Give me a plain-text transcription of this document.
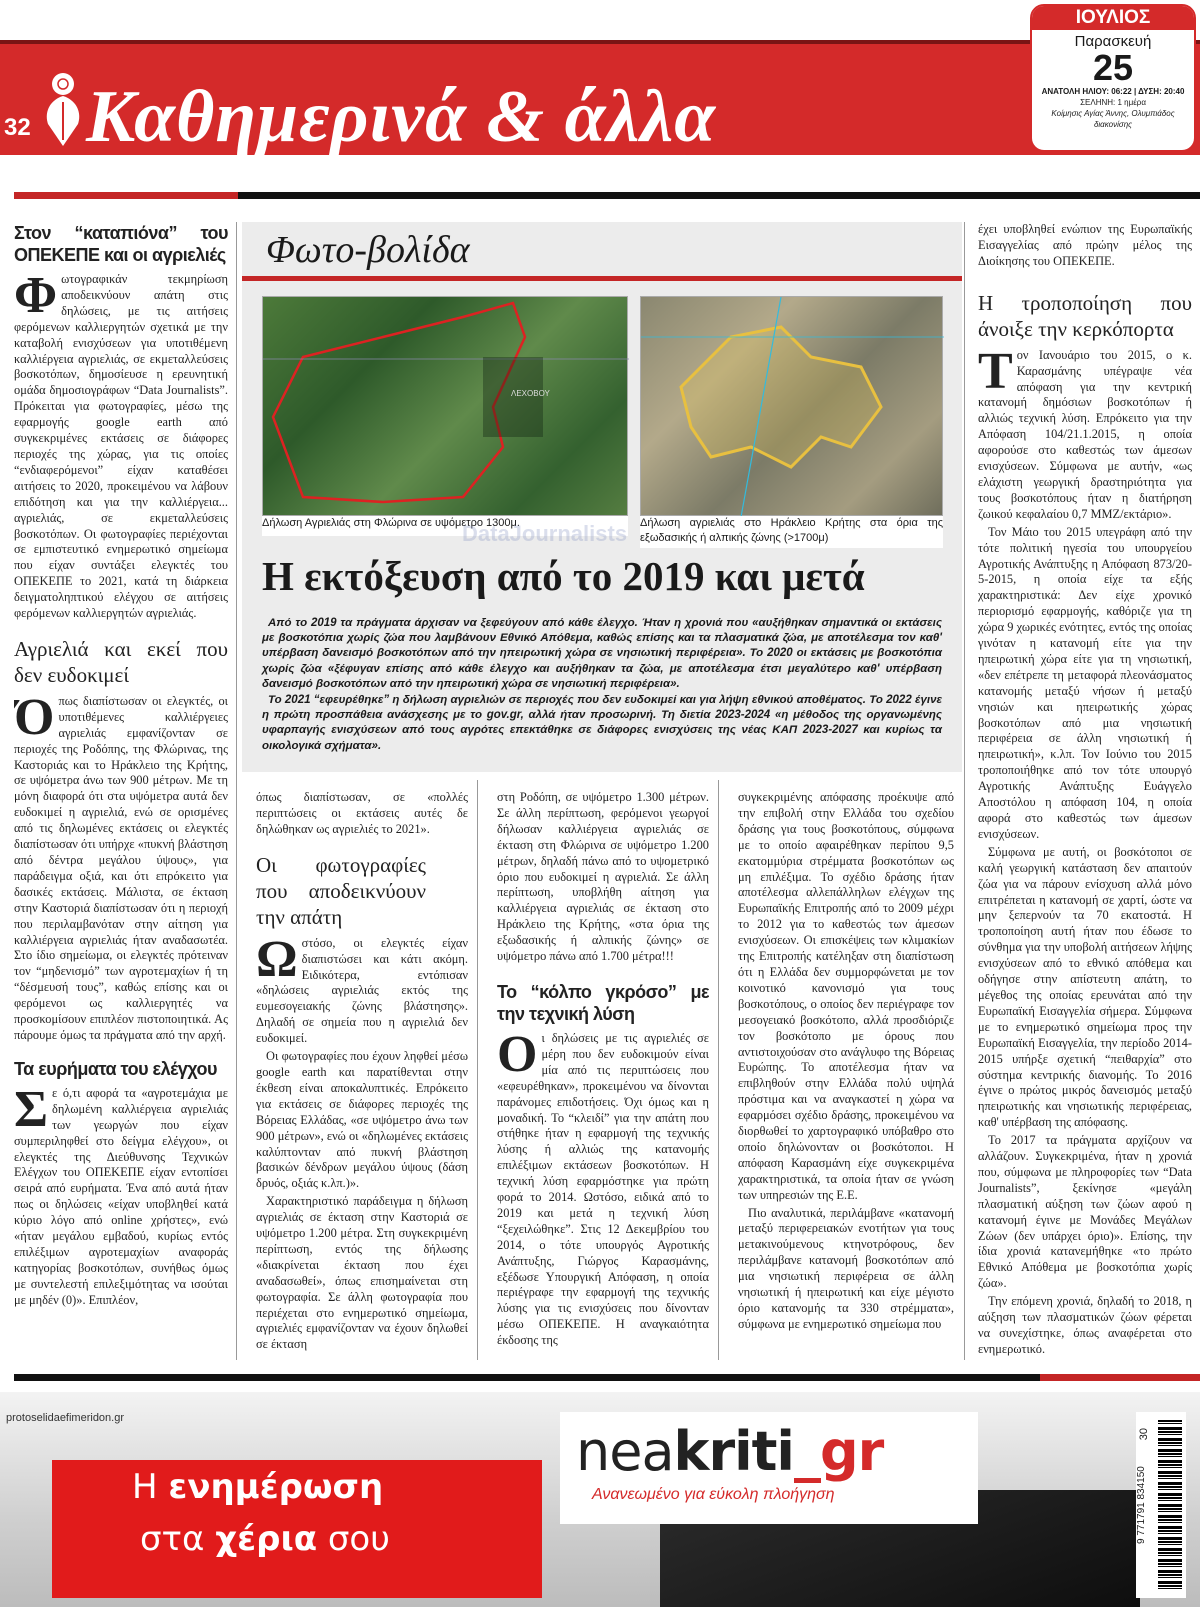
32 Καθημερινά & άλλα
ΙΟΥΛΙΟΣ
Παρασκευή
25
ΑΝΑΤΟΛΗ ΗΛΙΟΥ: 06:22 | ΔΥΣΗ: 20:40
ΣΕΛΗΝΗ: 1 ημέρα
Κοίμησις Αγίας Άννης, Ολυμπιάδος διακονίσης
Στον “καταπιόνα” του ΟΠΕΚΕΠΕ και οι αγριελιές

Φωτογραφικάν τεκμηρίωση αποδεικνύουν απάτη στις δηλώσεις, με τις αιτήσεις φερόμενων καλλιεργητών σχετικά με την καταβολή ενισχύσεων για υποτιθέμενη καλλιέργεια αγριελιάς, σε εκμεταλλεύσεις βοσκοτόπων, δημοσίευσε η ερευνητική ομάδα δημοσιογράφων “Data Journalists”. Πρόκειται για φωτογραφίες, μέσω της εφαρμογής google earth από συγκεκριμένες εκτάσεις σε διάφορες περιοχές της χώρας, για τις οποίες “ενδιαφερόμενοι” είχαν καταθέσει αιτήσεις το 2020, προκειμένου να λάβουν επιδότηση και για την καλλιέργεια... αγριελιάς, σε εκμεταλλεύσεις βοσκοτόπων. Οι φωτογραφίες περιέχονται σε εμπιστευτικό ενημερωτικό σημείωμα που είχαν συντάξει ελεγκτές του ΟΠΕΚΕΠΕ το 2021, κατά τη διάρκεια δειγματοληπτικού ελέγχου σε αιτήσεις φερόμενων καλλιεργητών αγριελιάς.

Αγριελιά και εκεί που δεν ευδοκιμεί

Όπως διαπίστωσαν οι ελεγκτές, οι υποτιθέμενες καλλιέργειες αγριελιάς εμφανίζονταν σε περιοχές της Ροδόπης, της Φλώρινας, της Καστοριάς και το Ηράκλειο της Κρήτης, σε υψόμετρα άνω των 900 μέτρων. Με τη μόνη διαφορά ότι στα υψόμετρα αυτά δεν ευδοκιμεί η αγριελιά, ενώ σε ορισμένες από τις δηλωμένες εκτάσεις οι ελεγκτές διαπίστωσαν ότι υπήρχε «πυκνή βλάστηση από δέντρα μεγάλου ύψους», για παράδειγμα οξιά, και ότι επρόκειτο για δασικές εκτάσεις. Μάλιστα, σε έκταση στην Καστοριά διαπίστωσαν ότι η περιοχή που περιλαμβανόταν στην αίτηση για καλλιέργεια αγριελιάς ήταν αναδασωτέα. Στο ίδιο σημείωμα, οι ελεγκτές πρότειναν τον “μηδενισμό” των αγροτεμαχίων ή τη “δέσμευσή τους”, καθώς επίσης και οι φερόμενοι ως καλλιεργητές να προσκομίσουν επιπλέον πιστοποιητικά. Ας πάρουμε όμως τα πράγματα από την αρχή.

Τα ευρήματα του ελέγχου

Σε ό,τι αφορά τα «αγροτεμάχια με δηλωμένη καλλιέργεια αγριελιάς των γεωργών που είχαν συμπεριληφθεί στο δείγμα ελέγχου», οι ελεγκτές της Διεύθυνσης Τεχνικών Ελέγχων του ΟΠΕΚΕΠΕ είχαν εντοπίσει σειρά από ευρήματα. Ένα από αυτά ήταν πως οι δηλώσεις «είχαν υποβληθεί κατά κύριο λόγο από online χρήστες», ενώ «ήταν μεγάλου εμβαδού, κυρίως εντός επιλέξιμων αγροτεμαχίων αναφοράς κατηγορίας βοσκοτόπων, συνήθως όμως με συντελεστή επιλεξιμότητας να ισούται με μηδέν (0)». Επιπλέον,

Φωτο-βολίδα
ΛΕΧΟΒΟΥ
Δήλωση Αγριελιάς στη Φλώρινα σε υψόμετρο 1300μ.	Δήλωση αγριελιάς στο Ηράκλειο Κρήτης στα όρια της εξωδασικής ή αλπικής ζώνης (>1700μ)
DataJournalists
Η εκτόξευση από το 2019 και μετά

Από το 2019 τα πράγματα άρχισαν να ξεφεύγουν από κάθε έλεγχο. Ήταν η χρονιά που «αυξήθηκαν σημαντικά οι εκτάσεις με βοσκοτόπια χωρίς ζώα που λαμβάνουν Εθνικό Απόθεμα, καθώς επίσης και τα πλασματικά ζώα, με αποτέλεσμα τον καθ' υπέρβαση δανεισμό βοσκοτόπων από την ηπειρωτική χώρα σε νησιωτική περιφέρεια». Το 2020 οι εκτάσεις με βοσκοτόπια χωρίς ζώα «ξέφυγαν επίσης από κάθε έλεγχο και αυξήθηκαν τα ζώα, με αποτέλεσμα έτσι μεγαλύτερο καθ' υπέρβαση δανεισμό βοσκοτόπων από την ηπειρωτική χώρα σε νησιωτική περιφέρεια».

Το 2021 “εφευρέθηκε” η δήλωση αγριελιών σε περιοχές που δεν ευδοκιμεί και για λήψη εθνικού αποθέματος. Το 2022 έγινε η πρώτη προσπάθεια ανάσχεσης με το gov.gr, αλλά ήταν προσωρινή. Τη διετία 2023-2024 «η μέθοδος της οργανωμένης υφαρπαγής ενισχύσεων από τους αγρότες επεκτάθηκε σε διάφορες ενισχύσεις της νέας ΚΑΠ 2023-2027 και κυρίως τα οικολογικά σχήματα».

όπως διαπίστωσαν, σε «πολλές περιπτώσεις οι εκτάσεις αυτές δε δηλώθηκαν ως αγριελιές το 2021».

Οι φωτογραφίες που αποδεικνύουν την απάτη

Ωστόσο, οι ελεγκτές είχαν διαπιστώσει και κάτι ακόμη. Ειδικότερα, εντόπισαν «δηλώσεις αγριελιάς εκτός της ευμεσογειακής ζώνης βλάστησης». Δηλαδή σε σημεία που η αγριελιά δεν ευδοκιμεί.

Οι φωτογραφίες που έχουν ληφθεί μέσω google earth και παρατίθενται στην έκθεση είναι αποκαλυπτικές. Επρόκειτο για εκτάσεις σε διάφορες περιοχές της Βόρειας Ελλάδας, «σε υψόμετρο άνω των 900 μέτρων», ενώ οι «δηλωμένες εκτάσεις καλύπτονταν από πυκνή βλάστηση βασικών δένδρων μεγάλου ύψους (δάση δρυός, οξιάς κ.λπ.)».

Χαρακτηριστικό παράδειγμα η δήλωση αγριελιάς σε έκταση στην Καστοριά σε υψόμετρο 1.200 μέτρα. Στη συγκεκριμένη περίπτωση, εντός της δήλωσης «διακρίνεται έκταση που έχει αναδασωθεί», όπως επισημαίνεται στη φωτογραφία. Σε άλλη φωτογραφία που περιέχεται στο ενημερωτικό σημείωμα, αγριελιές εμφανίζονταν να έχουν δηλωθεί σε έκταση

στη Ροδόπη, σε υψόμετρο 1.300 μέτρων. Σε άλλη περίπτωση, φερόμενοι γεωργοί δήλωσαν καλλιέργεια αγριελιάς σε έκταση στη Φλώρινα σε υψόμετρο 1.200 μέτρων, δηλαδή πάνω από το υψομετρικό όριο που ευδοκιμεί η αγριελιά. Σε άλλη περίπτωση, υποβλήθη αίτηση για καλλιέργεια αγριελιάς σε έκταση στο Ηράκλειο της Κρήτης, «στα όρια της εξωδασικής ή αλπικής ζώνης» σε υψόμετρο πάνω από 1.700 μέτρα!!!

Το “κόλπο γκρόσο” με την τεχνική λύση

Οι δηλώσεις με τις αγριελιές σε μέρη που δεν ευδοκιμούν είναι μία από τις περιπτώσεις που «εφευρέθηκαν», προκειμένου να δίνονται παράνομες επιδοτήσεις. Όχι όμως και η μοναδική. Το “κλειδί” για την απάτη που στήθηκε ήταν η εφαρμογή της τεχνικής λύσης ή αλλιώς της κατανομής επιλέξιμων εκτάσεων βοσκοτόπων. Η τεχνική λύση εφαρμόστηκε για πρώτη φορά το 2014. Ωστόσο, ειδικά από το 2019 και μετά η τεχνική λύση “ξεχειλώθηκε”. Στις 12 Δεκεμβρίου του 2014, ο τότε υπουργός Αγροτικής Ανάπτυξης, Γιώργος Καρασμάνης, εξέδωσε Υπουργική Απόφαση, η οποία περιέγραφε την εφαρμογή της τεχνικής λύσης για τις ενισχύσεις που δίνονταν μέσω ΟΠΕΚΕΠΕ. Η αναγκαιότητα έκδοσης της

συγκεκριμένης απόφασης προέκυψε από την επιβολή στην Ελλάδα του σχεδίου δράσης για τους βοσκοτόπους, σύμφωνα με το οποίο αφαιρέθηκαν περίπου 9,5 εκατομμύρια στρέμματα βοσκοτόπων ως μη επιλέξιμα. Το σχέδιο δράσης ήταν αποτέλεσμα αλλεπάλληλων ελέγχων της Ευρωπαϊκής Επιτροπής από το 2009 μέχρι το 2012 για το καθεστώς των άμεσων ενισχύσεων. Οι επισκέψεις των κλιμακίων της Επιτροπής κατέληξαν στη διαπίστωση ότι η Ελλάδα δεν συμμορφώνεται με τον κοινοτικό κανονισμό για τους βοσκοτόπους, ο οποίος δεν περιέγραφε τον μεσογειακό βοσκότοπο, αλλά προσδιόριζε τον βοσκότοπο με όρους που αντιστοιχούσαν στο ανάγλυφο της Βόρειας Ευρώπης. Το αποτέλεσμα ήταν να επιβληθούν στην Ελλάδα πολύ υψηλά πρόστιμα και να αναγκαστεί η χώρα να εφαρμόσει σχέδιο δράσης, προκειμένου να διορθωθεί το χαρτογραφικό υπόβαθρο στο οποίο δηλώνονταν οι βοσκότοποι. Η απόφαση Καρασμάνη είχε συγκεκριμένα χαρακτηριστικά, τα οποία ήταν σε γνώση των υπηρεσιών της Ε.Ε.

Πιο αναλυτικά, περιλάμβανε «κατανομή μεταξύ περιφερειακών ενοτήτων για τους μετακινούμενους κτηνοτρόφους, δεν περιλάμβανε κατανομή βοσκοτόπων από μια νησιωτική περιφέρεια σε άλλη νησιωτική ή ηπειρωτική και είχε μέγιστο όριο κατανομής τα 330 στρέμματα», σύμφωνα με ενημερωτικό σημείωμα που

έχει υποβληθεί ενώπιον της Ευρωπαϊκής Εισαγγελίας από πρώην μέλος της Διοίκησης του ΟΠΕΚΕΠΕ.

Η τροποποίηση που άνοιξε την κερκόπορτα

Τον Ιανουάριο του 2015, ο κ. Καρασμάνης υπέγραψε νέα απόφαση για την κεντρική κατανομή δημόσιων βοσκοτόπων ή αλλιώς τεχνική λύση. Επρόκειτο για την Απόφαση 104/21.1.2015, η οποία αφορούσε στο καθεστώς των άμεσων ενισχύσεων. Σύμφωνα με αυτήν, «ως ελάχιστη γεωργική δραστηριότητα για τους βοσκοτόπους ήταν η διατήρηση ζωικού κεφαλαίου 0,7 ΜΜΖ/εκτάριο».

Τον Μάιο του 2015 υπεγράφη από την τότε πολιτική ηγεσία του υπουργείου Αγροτικής Ανάπτυξης η Απόφαση 873/20-5-2015, η οποία είχε τα εξής χαρακτηριστικά: Δεν είχε χρονικό περιορισμό εφαρμογής, καθόριζε για τη χώρα 9 χωρικές ενότητες, εντός της οποίας γινόταν η κατανομή είτε για την ηπειρωτική χώρα είτε για τη νησιωτική, «δεν επέτρεπε τη μεταφορά πλεονάσματος κατανομής μεταξύ νήσων ή μεταξύ νησιών και ηπειρωτικής χώρας βοσκοτόπων από μια νησιωτική περιφέρεια σε άλλη νησιωτική ή ηπειρωτική», κ.λπ. Τον Ιούνιο του 2015 τροποποιήθηκε από τον τότε υπουργό Αγροτικής Ανάπτυξης Ευάγγελο Αποστόλου η απόφαση 104, η οποία αφορά στο καθεστώς των άμεσων ενισχύσεων.

Σύμφωνα με αυτή, οι βοσκότοποι σε καλή γεωργική κατάσταση δεν απαιτούν ζώα για να πάρουν ενίσχυση αλλά μόνο επιτρέπεται η κατανομή σε χαρτί, ώστε να μην ξεπερνούν τα 70 εκατοστά. Η τροποποίηση αυτή ήταν που έδωσε το σύνθημα για την υποβολή αιτήσεων λήψης ενισχύσεων από το εθνικό απόθεμα και οδήγησε στην απίστευτη απάτη, το μέγεθος της οποίας ερευνάται από την Ευρωπαϊκή Εισαγγελία σήμερα. Σύμφωνα με το ενημερωτικό σημείωμα προς την Ευρωπαϊκή Εισαγγελία, την περίοδο 2014-2015 υπήρξε σχετική “πειθαρχία” στο σύστημα κεντρικής διανομής. Το 2016 έγινε ο πρώτος μικρός δανεισμός μεταξύ ηπειρωτικής και νησιωτικής περιφέρειας, καθ' υπέρβαση της απόφασης.

Το 2017 τα πράγματα αρχίζουν να αλλάζουν. Συγκεκριμένα, ήταν η χρονιά που, σύμφωνα με πληροφορίες των “Data Journalists”, ξεκίνησε «μεγάλη πλασματική αύξηση των ζώων αφού η κατανομή έγινε με Μονάδες Μεγάλων Ζώων (δεν υπάρχει όριο)». Επίσης, την ίδια χρονιά κατανεμήθηκε «το πρώτο Εθνικό Απόθεμα με βοσκοτόπια χωρίς ζώα».

Την επόμενη χρονιά, δηλαδή το 2018, η αύξηση των πλασματικών ζώων φέρεται να συνεχίστηκε, όπως αναφέρεται στο ενημερωτικό.

protoselidaefimeridon.gr
Η ενημέρωση
στα χέρια σου
neakriti_gr
Ανανεωμένο για εύκολη πλοήγηση	9 771791 834150
30
